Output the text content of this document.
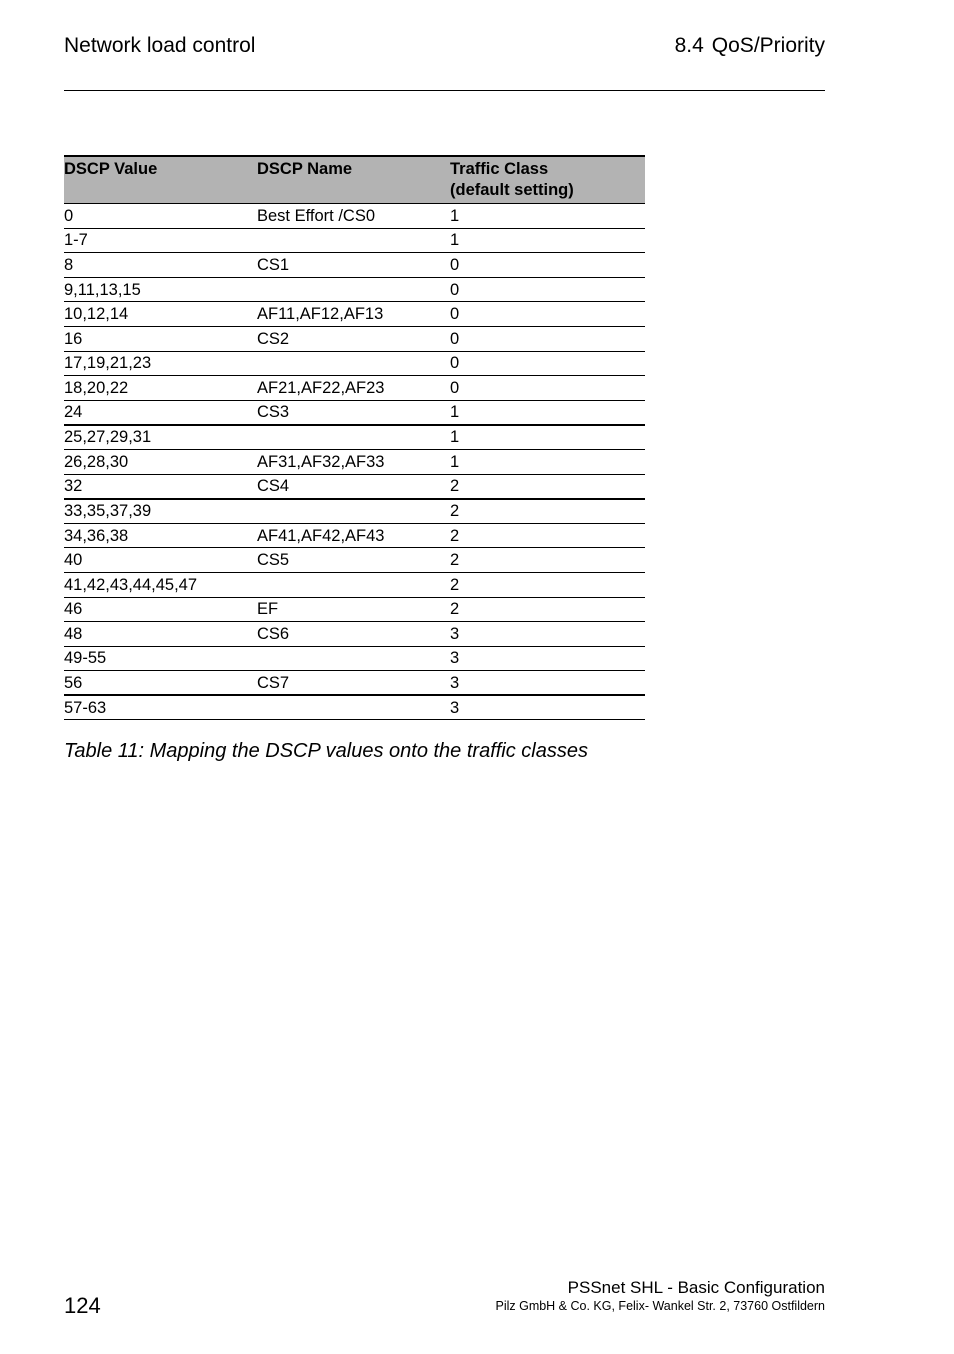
Network load control	8.4 QoS/Priority
DSCP Value	DSCP Name	Traffic Class
(default setting)
0	Best Effort /CS0	1
1-7		1
8	CS1	0
9,11,13,15		0
10,12,14	AF11,AF12,AF13	0
16	CS2	0
17,19,21,23		0
18,20,22	AF21,AF22,AF23	0
24	CS3	1
25,27,29,31		1
26,28,30	AF31,AF32,AF33	1
32	CS4	2
33,35,37,39		2
34,36,38	AF41,AF42,AF43	2
40	CS5	2
41,42,43,44,45,47		2
46	EF	2
48	CS6	3
49-55		3
56	CS7	3
57-63		3
Table 11: Mapping the DSCP values onto the traffic classes
124
PSSnet SHL - Basic Configuration
Pilz GmbH & Co. KG, Felix- Wankel Str. 2, 73760 Ostfildern
